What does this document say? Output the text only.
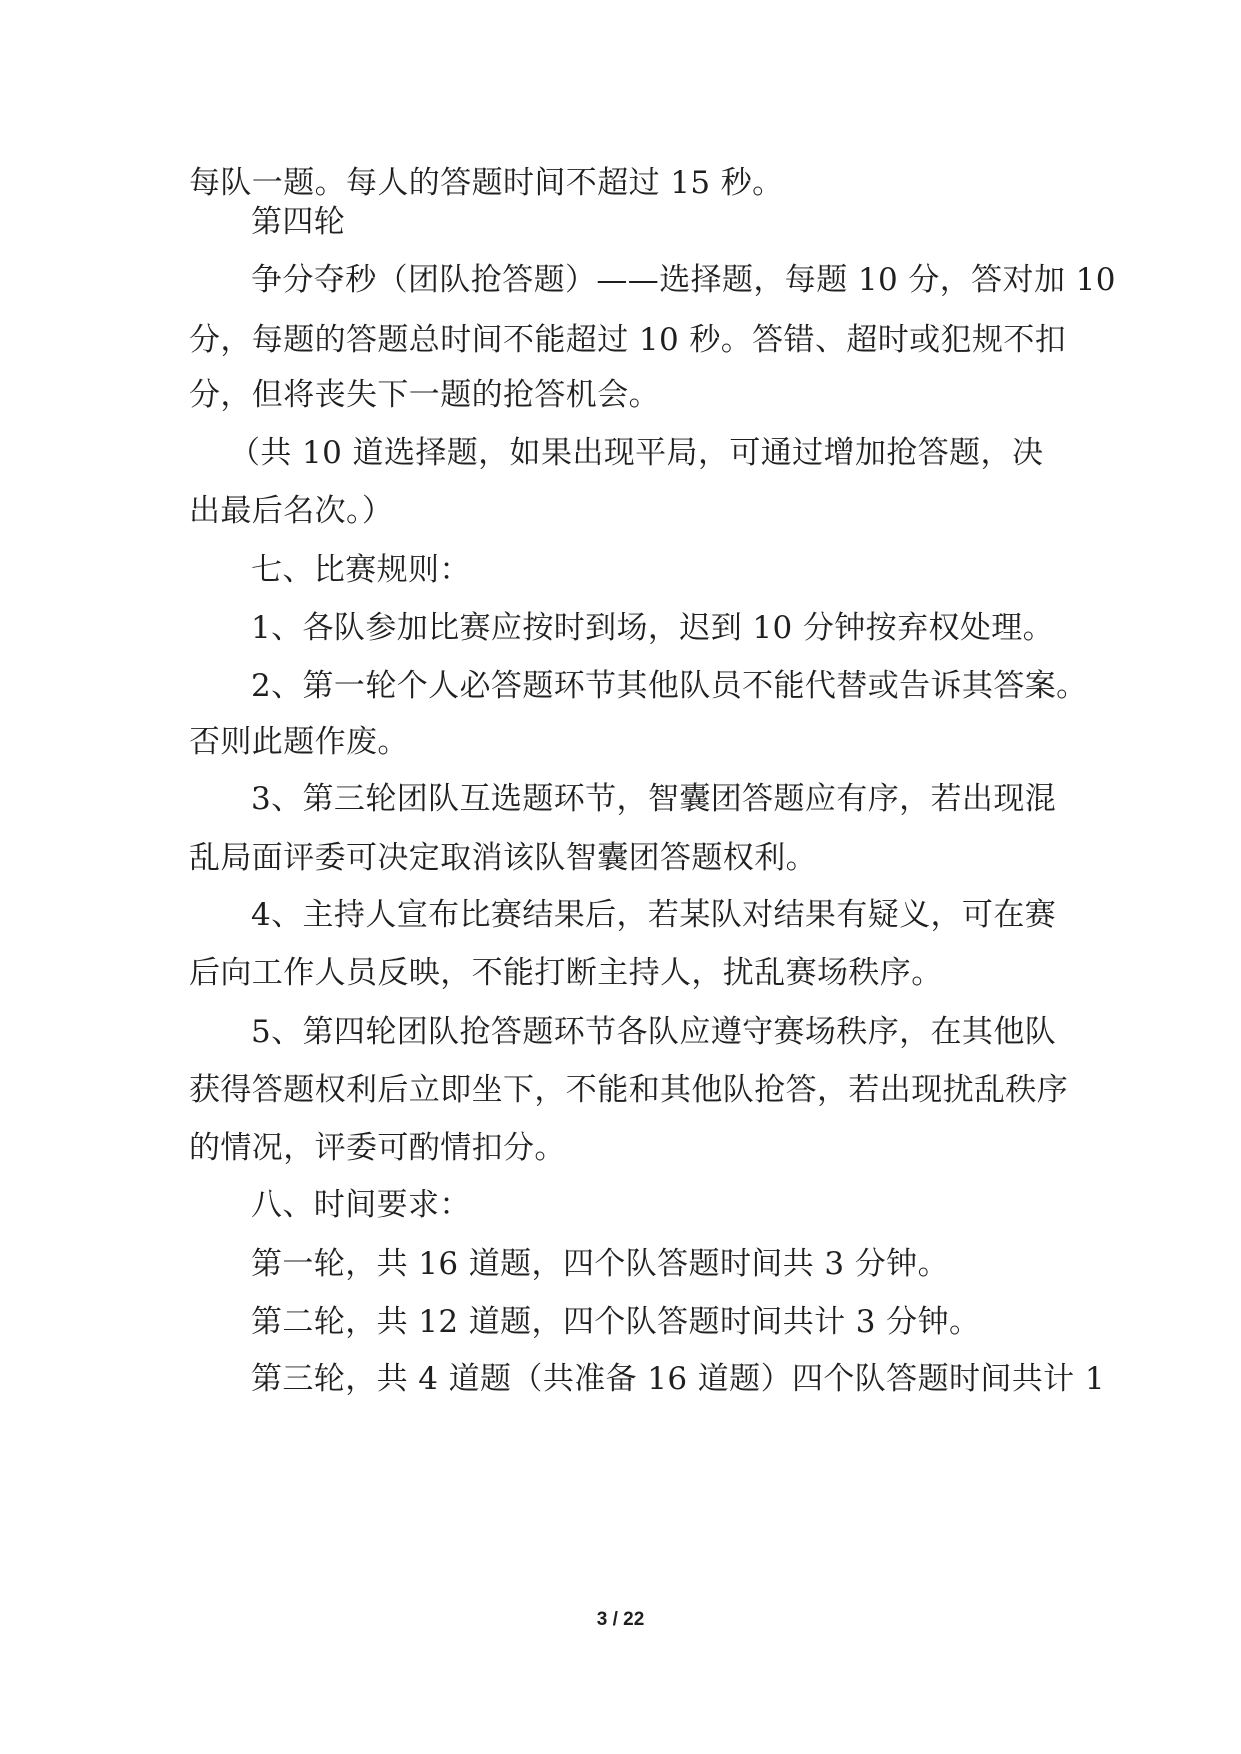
每队一题。每人的答题时间不超过 15 秒。
第四轮
争分夺秒（团队抢答题）——选择题，每题 10 分，答对加 10
分，每题的答题总时间不能超过 10 秒。答错、超时或犯规不扣
分，但将丧失下一题的抢答机会。
（共 10 道选择题，如果出现平局，可通过增加抢答题，决
出最后名次。）
七、比赛规则：
1、各队参加比赛应按时到场，迟到 10 分钟按弃权处理。
2、第一轮个人必答题环节其他队员不能代替或告诉其答案。
否则此题作废。
3、第三轮团队互选题环节，智囊团答题应有序，若出现混
乱局面评委可决定取消该队智囊团答题权利。
4、主持人宣布比赛结果后，若某队对结果有疑义，可在赛
后向工作人员反映，不能打断主持人，扰乱赛场秩序。
5、第四轮团队抢答题环节各队应遵守赛场秩序，在其他队
获得答题权利后立即坐下，不能和其他队抢答，若出现扰乱秩序
的情况，评委可酌情扣分。
八、时间要求：
第一轮，共 16 道题，四个队答题时间共 3 分钟。
第二轮，共 12 道题，四个队答题时间共计 3 分钟。
第三轮，共 4 道题（共准备 16 道题）四个队答题时间共计 1
3 / 22
